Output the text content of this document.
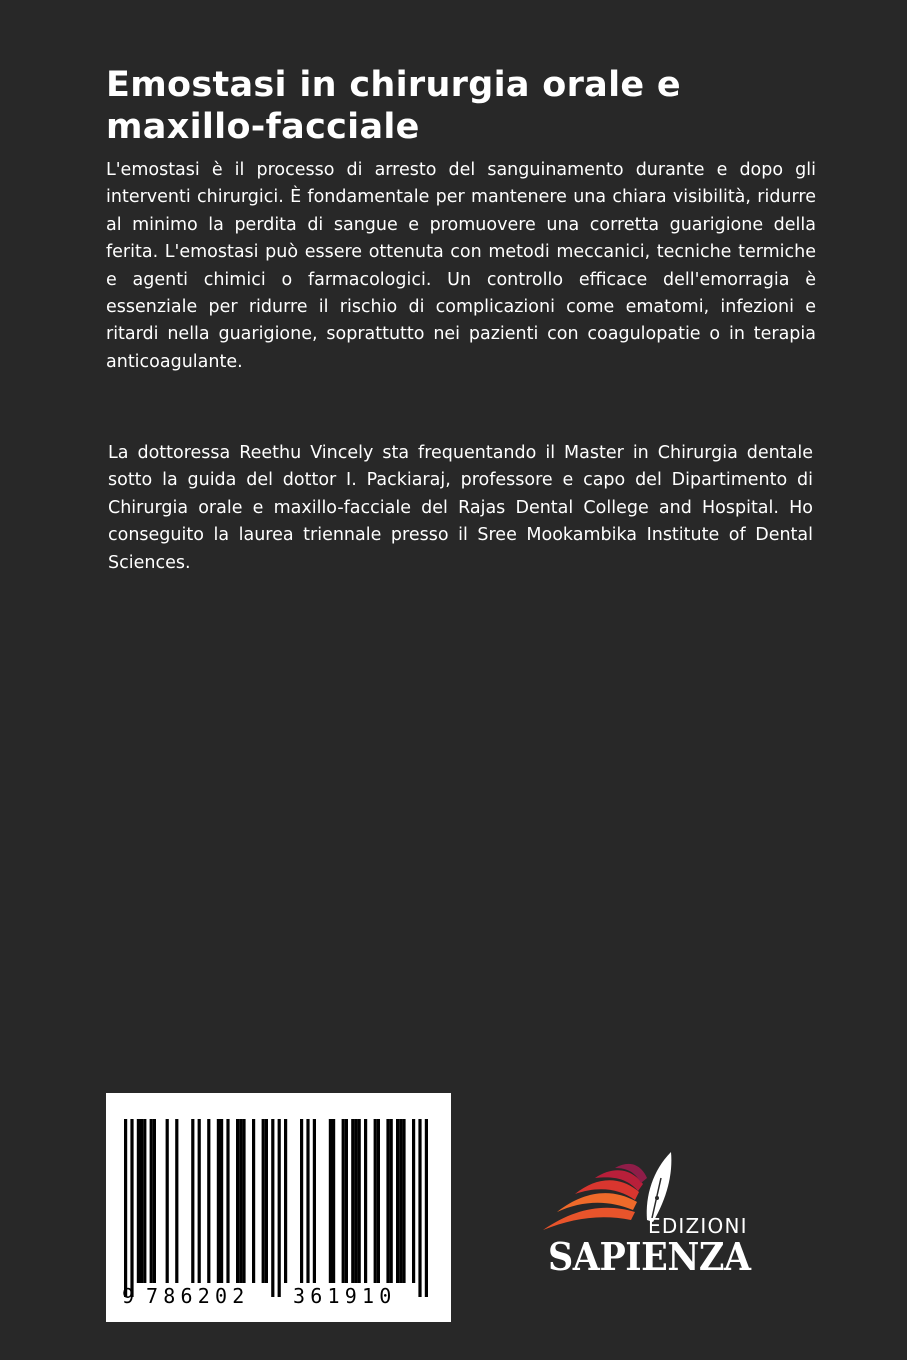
Emostasi in chirurgia orale e maxillo-facciale

L'emostasi è il processo di arresto del sanguinamento durante e dopo gli interventi chirurgici. È fondamentale per mantenere una chiara visibilità, ridurre al minimo la perdita di sangue e promuovere una corretta guarigione della ferita. L'emostasi può essere ottenuta con metodi meccanici, tecniche termiche e agenti chimici o farmacologici. Un controllo efficace dell'emorragia è essenziale per ridurre il rischio di complicazioni come ematomi, infezioni e ritardi nella guarigione, soprattutto nei pazienti con coagulopatie o in terapia anticoagulante.

La dottoressa Reethu Vincely sta frequentando il Master in Chirurgia dentale sotto la guida del dottor I. Packiaraj, professore e capo del Dipartimento di Chirurgia orale e maxillo-facciale del Rajas Dental College and Hospital. Ho conseguito la laurea triennale presso il Sree Mookambika Institute of Dental Sciences.

9 786202 361910
EDIZIONI
SAPIENZA
